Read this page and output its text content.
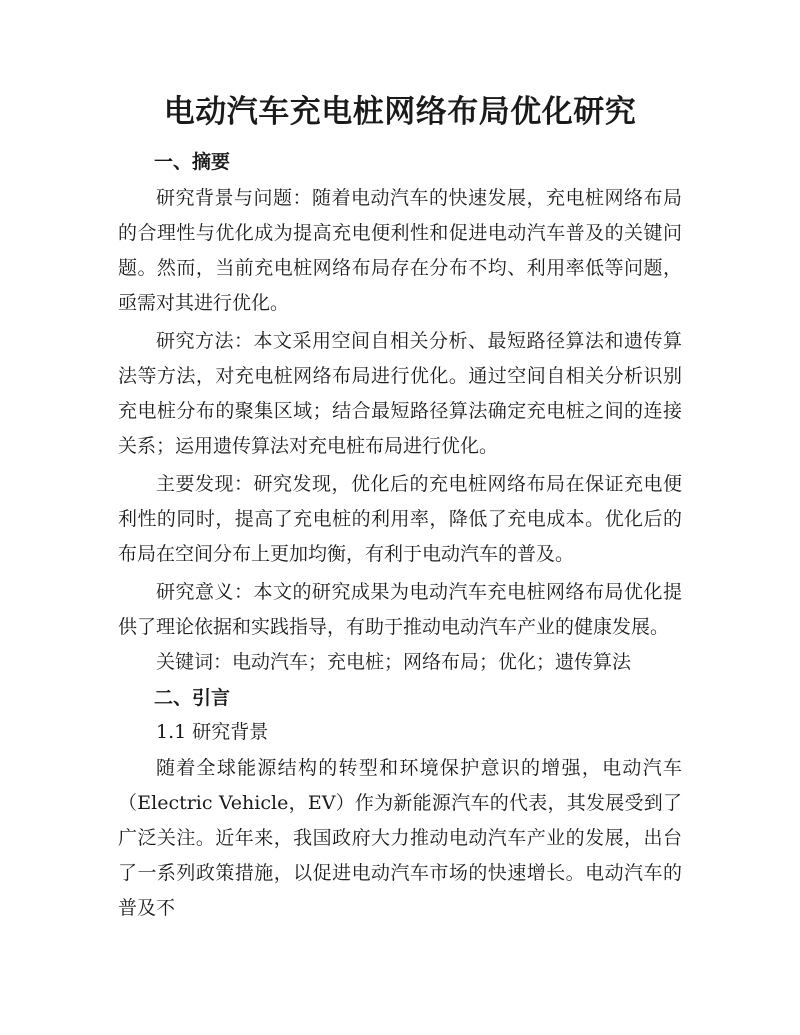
电动汽车充电桩网络布局优化研究
一、摘要

研究背景与问题：随着电动汽车的快速发展，充电桩网络布局的合理性与优化成为提高充电便利性和促进电动汽车普及的关键问题。然而，当前充电桩网络布局存在分布不均、利用率低等问题，亟需对其进行优化。

研究方法：本文采用空间自相关分析、最短路径算法和遗传算法等方法，对充电桩网络布局进行优化。通过空间自相关分析识别充电桩分布的聚集区域；结合最短路径算法确定充电桩之间的连接关系；运用遗传算法对充电桩布局进行优化。

主要发现：研究发现，优化后的充电桩网络布局在保证充电便利性的同时，提高了充电桩的利用率，降低了充电成本。优化后的布局在空间分布上更加均衡，有利于电动汽车的普及。

研究意义：本文的研究成果为电动汽车充电桩网络布局优化提供了理论依据和实践指导，有助于推动电动汽车产业的健康发展。

关键词：电动汽车；充电桩；网络布局；优化；遗传算法
二、引言
1.1 研究背景

随着全球能源结构的转型和环境保护意识的增强，电动汽车（Electric Vehicle，EV）作为新能源汽车的代表，其发展受到了广泛关注。近年来，我国政府大力推动电动汽车产业的发展，出台了一系列政策措施，以促进电动汽车市场的快速增长。电动汽车的普及不
